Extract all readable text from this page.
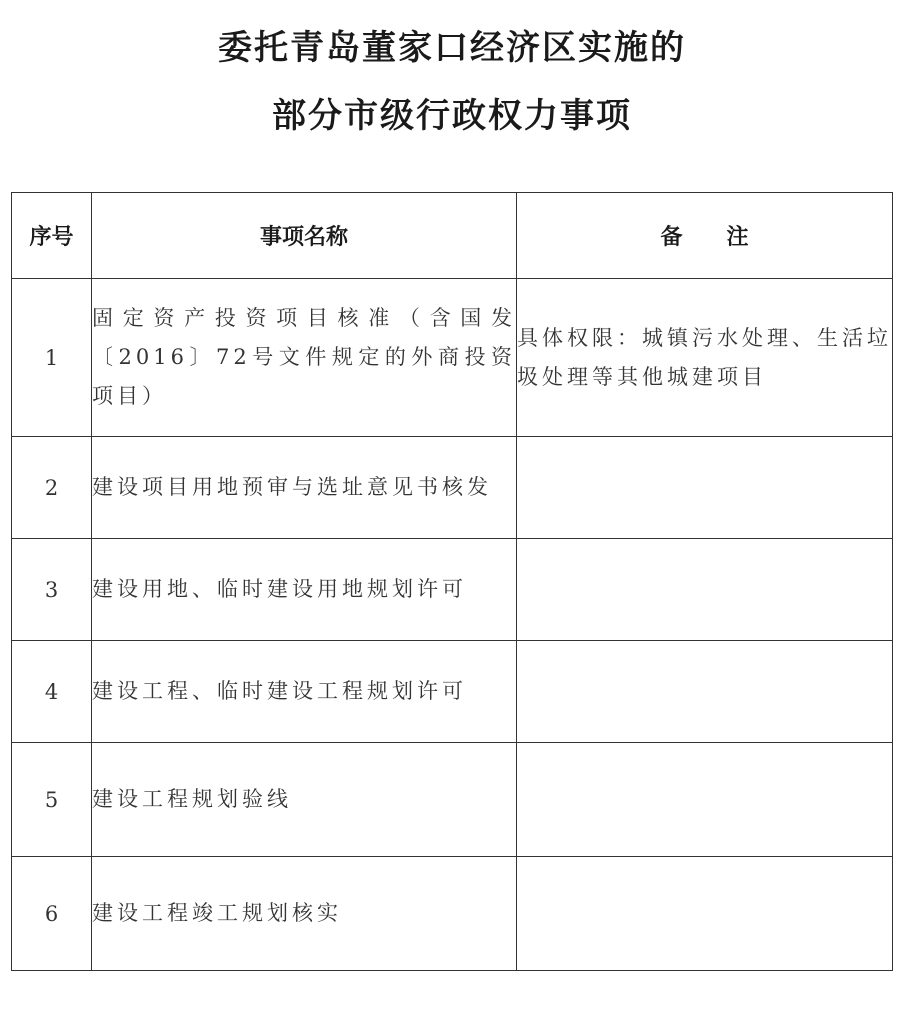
委托青岛董家口经济区实施的
部分市级行政权力事项
序号	事项名称	备　　注
1	固定资产投资项目核准（含国发〔2016〕72号文件规定的外商投资项目）	具体权限：城镇污水处理、生活垃圾处理等其他城建项目
2	建设项目用地预审与选址意见书核发	
3	建设用地、临时建设用地规划许可	
4	建设工程、临时建设工程规划许可	
5	建设工程规划验线	
6	建设工程竣工规划核实	
